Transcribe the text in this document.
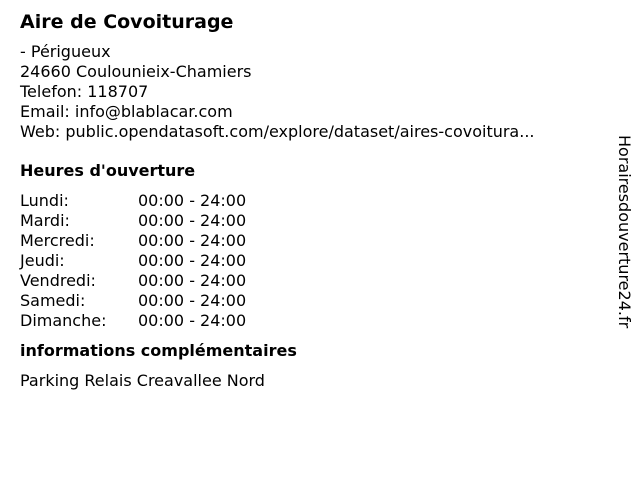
Aire de Covoiturage
- Périgueux
24660 Coulounieix-Chamiers
Telefon: 118707
Email: info@blablacar.com
Web: public.opendatasoft.com/explore/dataset/aires-covoitura...
Heures d'ouverture
Lundi:	00:00 - 24:00
Mardi:	00:00 - 24:00
Mercredi:	00:00 - 24:00
Jeudi:	00:00 - 24:00
Vendredi:	00:00 - 24:00
Samedi:	00:00 - 24:00
Dimanche:	00:00 - 24:00
informations complémentaires
Parking Relais Creavallee Nord
Horairesdouverture24.fr
